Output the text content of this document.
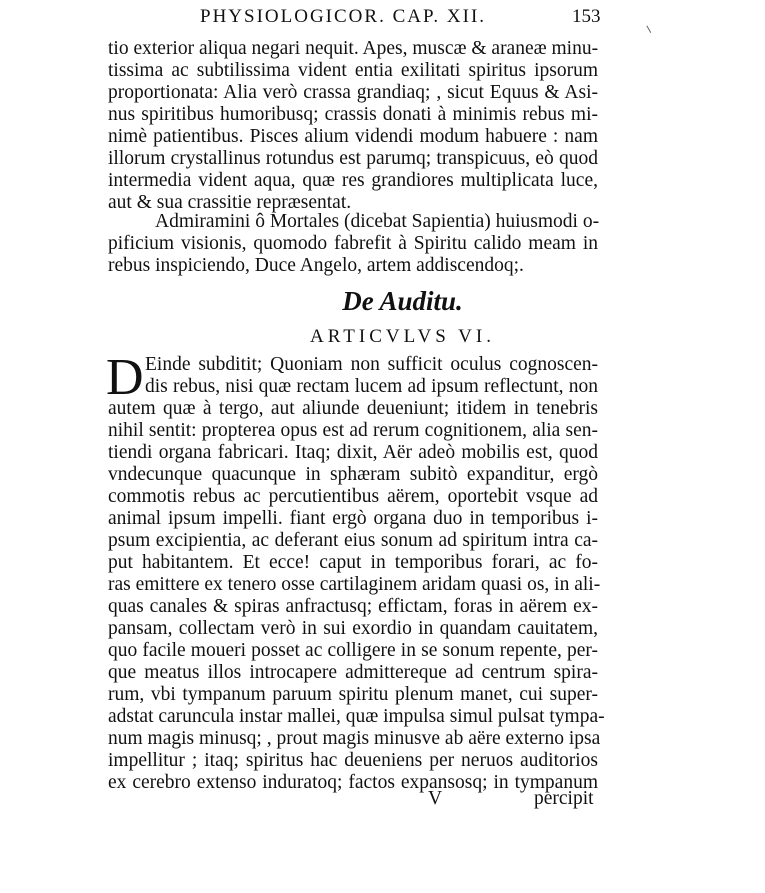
PHYSIOLOGICOR. CAP. XII.	153
tio exterior aliqua negari nequit. Apes, muscæ & araneæ minu-
tissima ac subtilissima vident entia exilitati spiritus ipsorum
proportionata: Alia verò crassa grandiaq; , sicut Equus & Asi-
nus spiritibus humoribusq; crassis donati à minimis rebus mi-
nimè patientibus. Pisces alium videndi modum habuere : nam
illorum crystallinus rotundus est parumq; transpicuus, eò quod
intermedia vident aqua, quæ res grandiores multiplicata luce,
aut & sua crassitie repræsentat.
Admiramini ô Mortales (dicebat Sapientia) huiusmodi o-
pificium visionis, quomodo fabrefit à Spiritu calido meam in
rebus inspiciendo, Duce Angelo, artem addiscendoq;.
De Auditu.
ARTICVLVS VI.
D Einde subditit; Quoniam non sufficit oculus cognoscen-
dis rebus, nisi quæ rectam lucem ad ipsum reflectunt, non
autem quæ à tergo, aut aliunde deueniunt; itidem in tenebris
nihil sentit: propterea opus est ad rerum cognitionem, alia sen-
tiendi organa fabricari. Itaq; dixit, Aër adeò mobilis est, quod
vndecunque quacunque in sphæram subitò expanditur, ergò
commotis rebus ac percutientibus aërem, oportebit vsque ad
animal ipsum impelli. fiant ergò organa duo in temporibus i-
psum excipientia, ac deferant eius sonum ad spiritum intra ca-
put habitantem. Et ecce! caput in temporibus forari, ac fo-
ras emittere ex tenero osse cartilaginem aridam quasi os, in ali-
quas canales & spiras anfractusq; effictam, foras in aërem ex-
pansam, collectam verò in sui exordio in quandam cauitatem,
quo facile moueri posset ac colligere in se sonum repente, per-
que meatus illos introcapere admittereque ad centrum spira-
rum, vbi tympanum paruum spiritu plenum manet, cui super-
adstat caruncula instar mallei, quæ impulsa simul pulsat tympa-
num magis minusq; , prout magis minusve ab aëre externo ipsa
impellitur ; itaq; spiritus hac deueniens per neruos auditorios
ex cerebro extenso induratoq; factos expansosq; in tympanum
V	percipit
